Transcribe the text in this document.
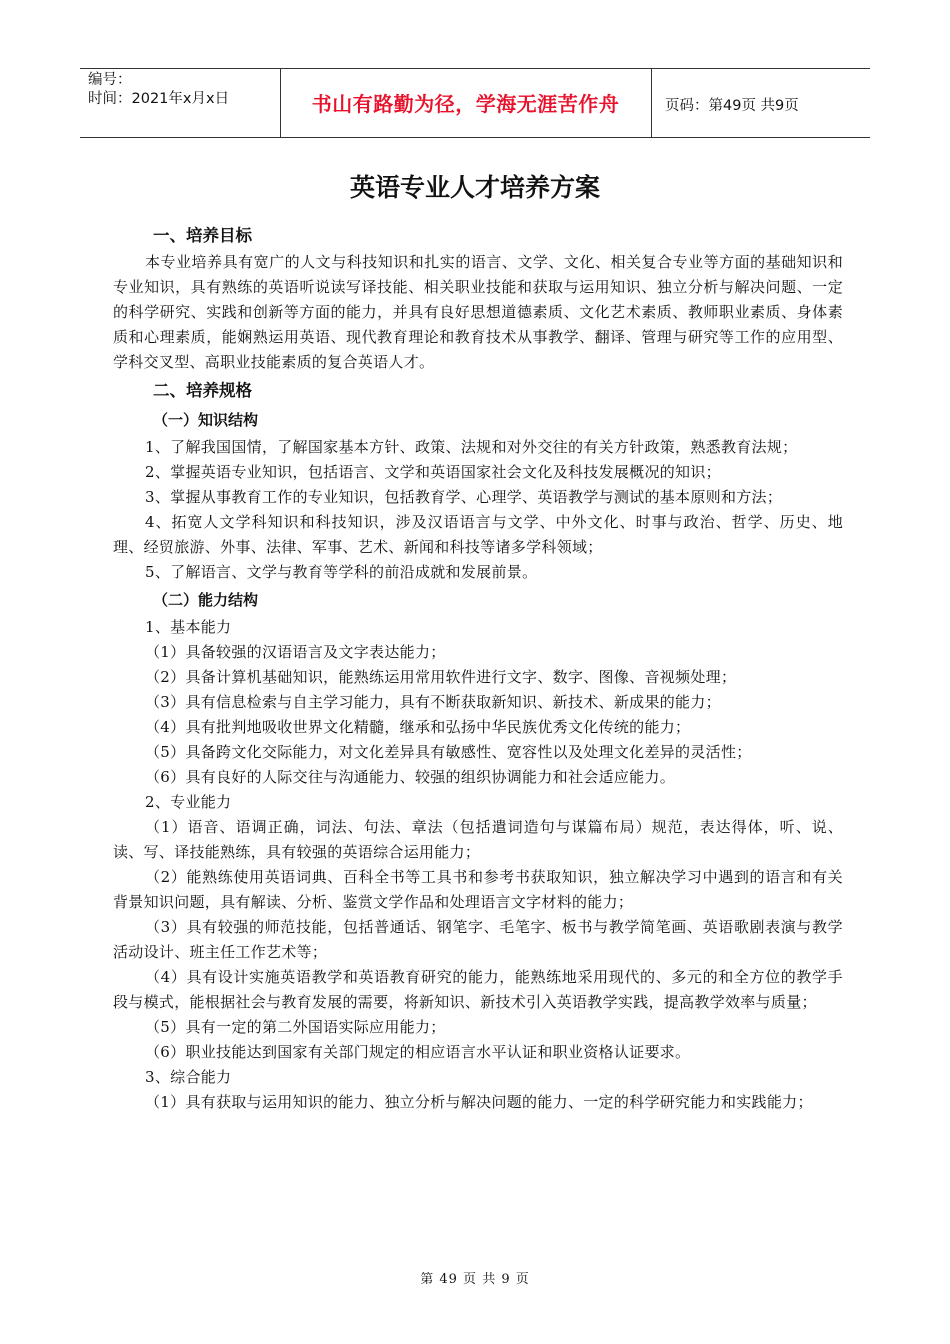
编号：
时间：2021年x月x日	书山有路勤为径，学海无涯苦作舟	页码：第49页 共9页
英语专业人才培养方案
一、培养目标

本专业培养具有宽广的人文与科技知识和扎实的语言、文学、文化、相关复合专业等方面的基础知识和专业知识，具有熟练的英语听说读写译技能、相关职业技能和获取与运用知识、独立分析与解决问题、一定的科学研究、实践和创新等方面的能力，并具有良好思想道德素质、文化艺术素质、教师职业素质、身体素质和心理素质，能娴熟运用英语、现代教育理论和教育技术从事教学、翻译、管理与研究等工作的应用型、学科交叉型、高职业技能素质的复合英语人才。

二、培养规格
（一）知识结构

1、了解我国国情，了解国家基本方针、政策、法规和对外交往的有关方针政策，熟悉教育法规；

2、掌握英语专业知识，包括语言、文学和英语国家社会文化及科技发展概况的知识；

3、掌握从事教育工作的专业知识，包括教育学、心理学、英语教学与测试的基本原则和方法；

4、拓宽人文学科知识和科技知识，涉及汉语语言与文学、中外文化、时事与政治、哲学、历史、地理、经贸旅游、外事、法律、军事、艺术、新闻和科技等诸多学科领域；

5、了解语言、文学与教育等学科的前沿成就和发展前景。

（二）能力结构

1、基本能力

（1）具备较强的汉语语言及文字表达能力；

（2）具备计算机基础知识，能熟练运用常用软件进行文字、数字、图像、音视频处理；

（3）具有信息检索与自主学习能力，具有不断获取新知识、新技术、新成果的能力；

（4）具有批判地吸收世界文化精髓，继承和弘扬中华民族优秀文化传统的能力；

（5）具备跨文化交际能力，对文化差异具有敏感性、宽容性以及处理文化差异的灵活性；

（6）具有良好的人际交往与沟通能力、较强的组织协调能力和社会适应能力。

2、专业能力

（1）语音、语调正确，词法、句法、章法（包括遣词造句与谋篇布局）规范，表达得体，听、说、读、写、译技能熟练，具有较强的英语综合运用能力；

（2）能熟练使用英语词典、百科全书等工具书和参考书获取知识，独立解决学习中遇到的语言和有关背景知识问题，具有解读、分析、鉴赏文学作品和处理语言文字材料的能力；

（3）具有较强的师范技能，包括普通话、钢笔字、毛笔字、板书与教学简笔画、英语歌剧表演与教学活动设计、班主任工作艺术等；

（4）具有设计实施英语教学和英语教育研究的能力，能熟练地采用现代的、多元的和全方位的教学手段与模式，能根据社会与教育发展的需要，将新知识、新技术引入英语教学实践，提高教学效率与质量；

（5）具有一定的第二外国语实际应用能力；

（6）职业技能达到国家有关部门规定的相应语言水平认证和职业资格认证要求。

3、综合能力

（1）具有获取与运用知识的能力、独立分析与解决问题的能力、一定的科学研究能力和实践能力；

第 49 页 共 9 页
